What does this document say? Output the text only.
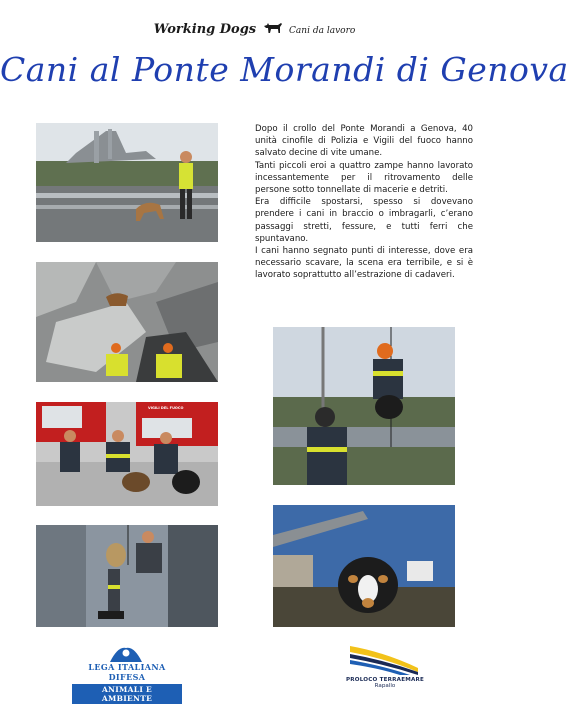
Working Dogs	Cani da lavoro
Cani al Ponte Morandi di Genova

Dopo il crollo del Ponte Morandi a Genova, 40 unità cinofile di Polizia e Vigili del fuoco hanno salvato decine di vite umane.

Tanti piccoli eroi a quattro zampe hanno lavorato incessantemente per il ritrovamento delle persone sotto tonnellate di macerie e detriti.

Era difficile spostarsi, spesso si dovevano prendere i cani in braccio o imbragarli, c’erano passaggi stretti, fessure, e tutti ferri che spuntavano.

I cani hanno segnato punti di interesse, dove era necessario scavare, la scena era terribile, e si è lavorato soprattutto all’estrazione di cadaveri.

VIGILI DEL FUOCO
LEGA ITALIANA DIFESA
ANIMALI E AMBIENTE
PROLOCO TERRAEMARE
Rapallo
